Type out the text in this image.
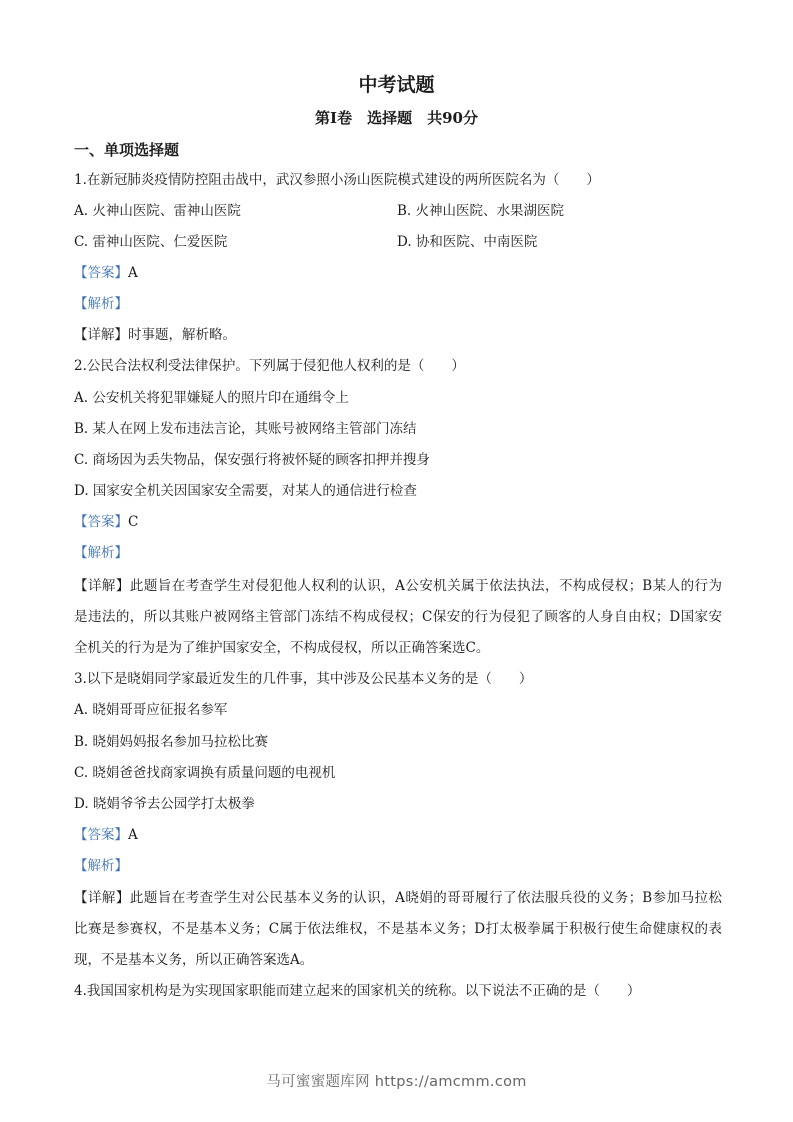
中考试题
第Ⅰ卷　选择题　共90分
一、单项选择题
1.在新冠肺炎疫情防控阻击战中，武汉参照小汤山医院模式建设的两所医院名为（　　）
A. 火神山医院、雷神山医院	B. 火神山医院、水果湖医院
C. 雷神山医院、仁爱医院	D. 协和医院、中南医院
【答案】A
【解析】
【详解】时事题，解析略。
2.公民合法权利受法律保护。下列属于侵犯他人权利的是（　　）
A. 公安机关将犯罪嫌疑人的照片印在通缉令上
B. 某人在网上发布违法言论，其账号被网络主管部门冻结
C. 商场因为丢失物品，保安强行将被怀疑的顾客扣押并搜身
D. 国家安全机关因国家安全需要，对某人的通信进行检查
【答案】C
【解析】
【详解】此题旨在考查学生对侵犯他人权利的认识，A公安机关属于依法执法，不构成侵权；B某人的行为
是违法的，所以其账户被网络主管部门冻结不构成侵权；C保安的行为侵犯了顾客的人身自由权；D国家安
全机关的行为是为了维护国家安全，不构成侵权，所以正确答案选C。
3.以下是晓娟同学家最近发生的几件事，其中涉及公民基本义务的是（　　）
A. 晓娟哥哥应征报名参军
B. 晓娟妈妈报名参加马拉松比赛
C. 晓娟爸爸找商家调换有质量问题的电视机
D. 晓娟爷爷去公园学打太极拳
【答案】A
【解析】
【详解】此题旨在考查学生对公民基本义务的认识，A晓娟的哥哥履行了依法服兵役的义务；B参加马拉松
比赛是参赛权，不是基本义务；C属于依法维权，不是基本义务；D打太极拳属于积极行使生命健康权的表
现，不是基本义务，所以正确答案选A。
4.我国国家机构是为实现国家职能而建立起来的国家机关的统称。以下说法不正确的是（　　）
马可蜜蜜题库网 https://amcmm.com
